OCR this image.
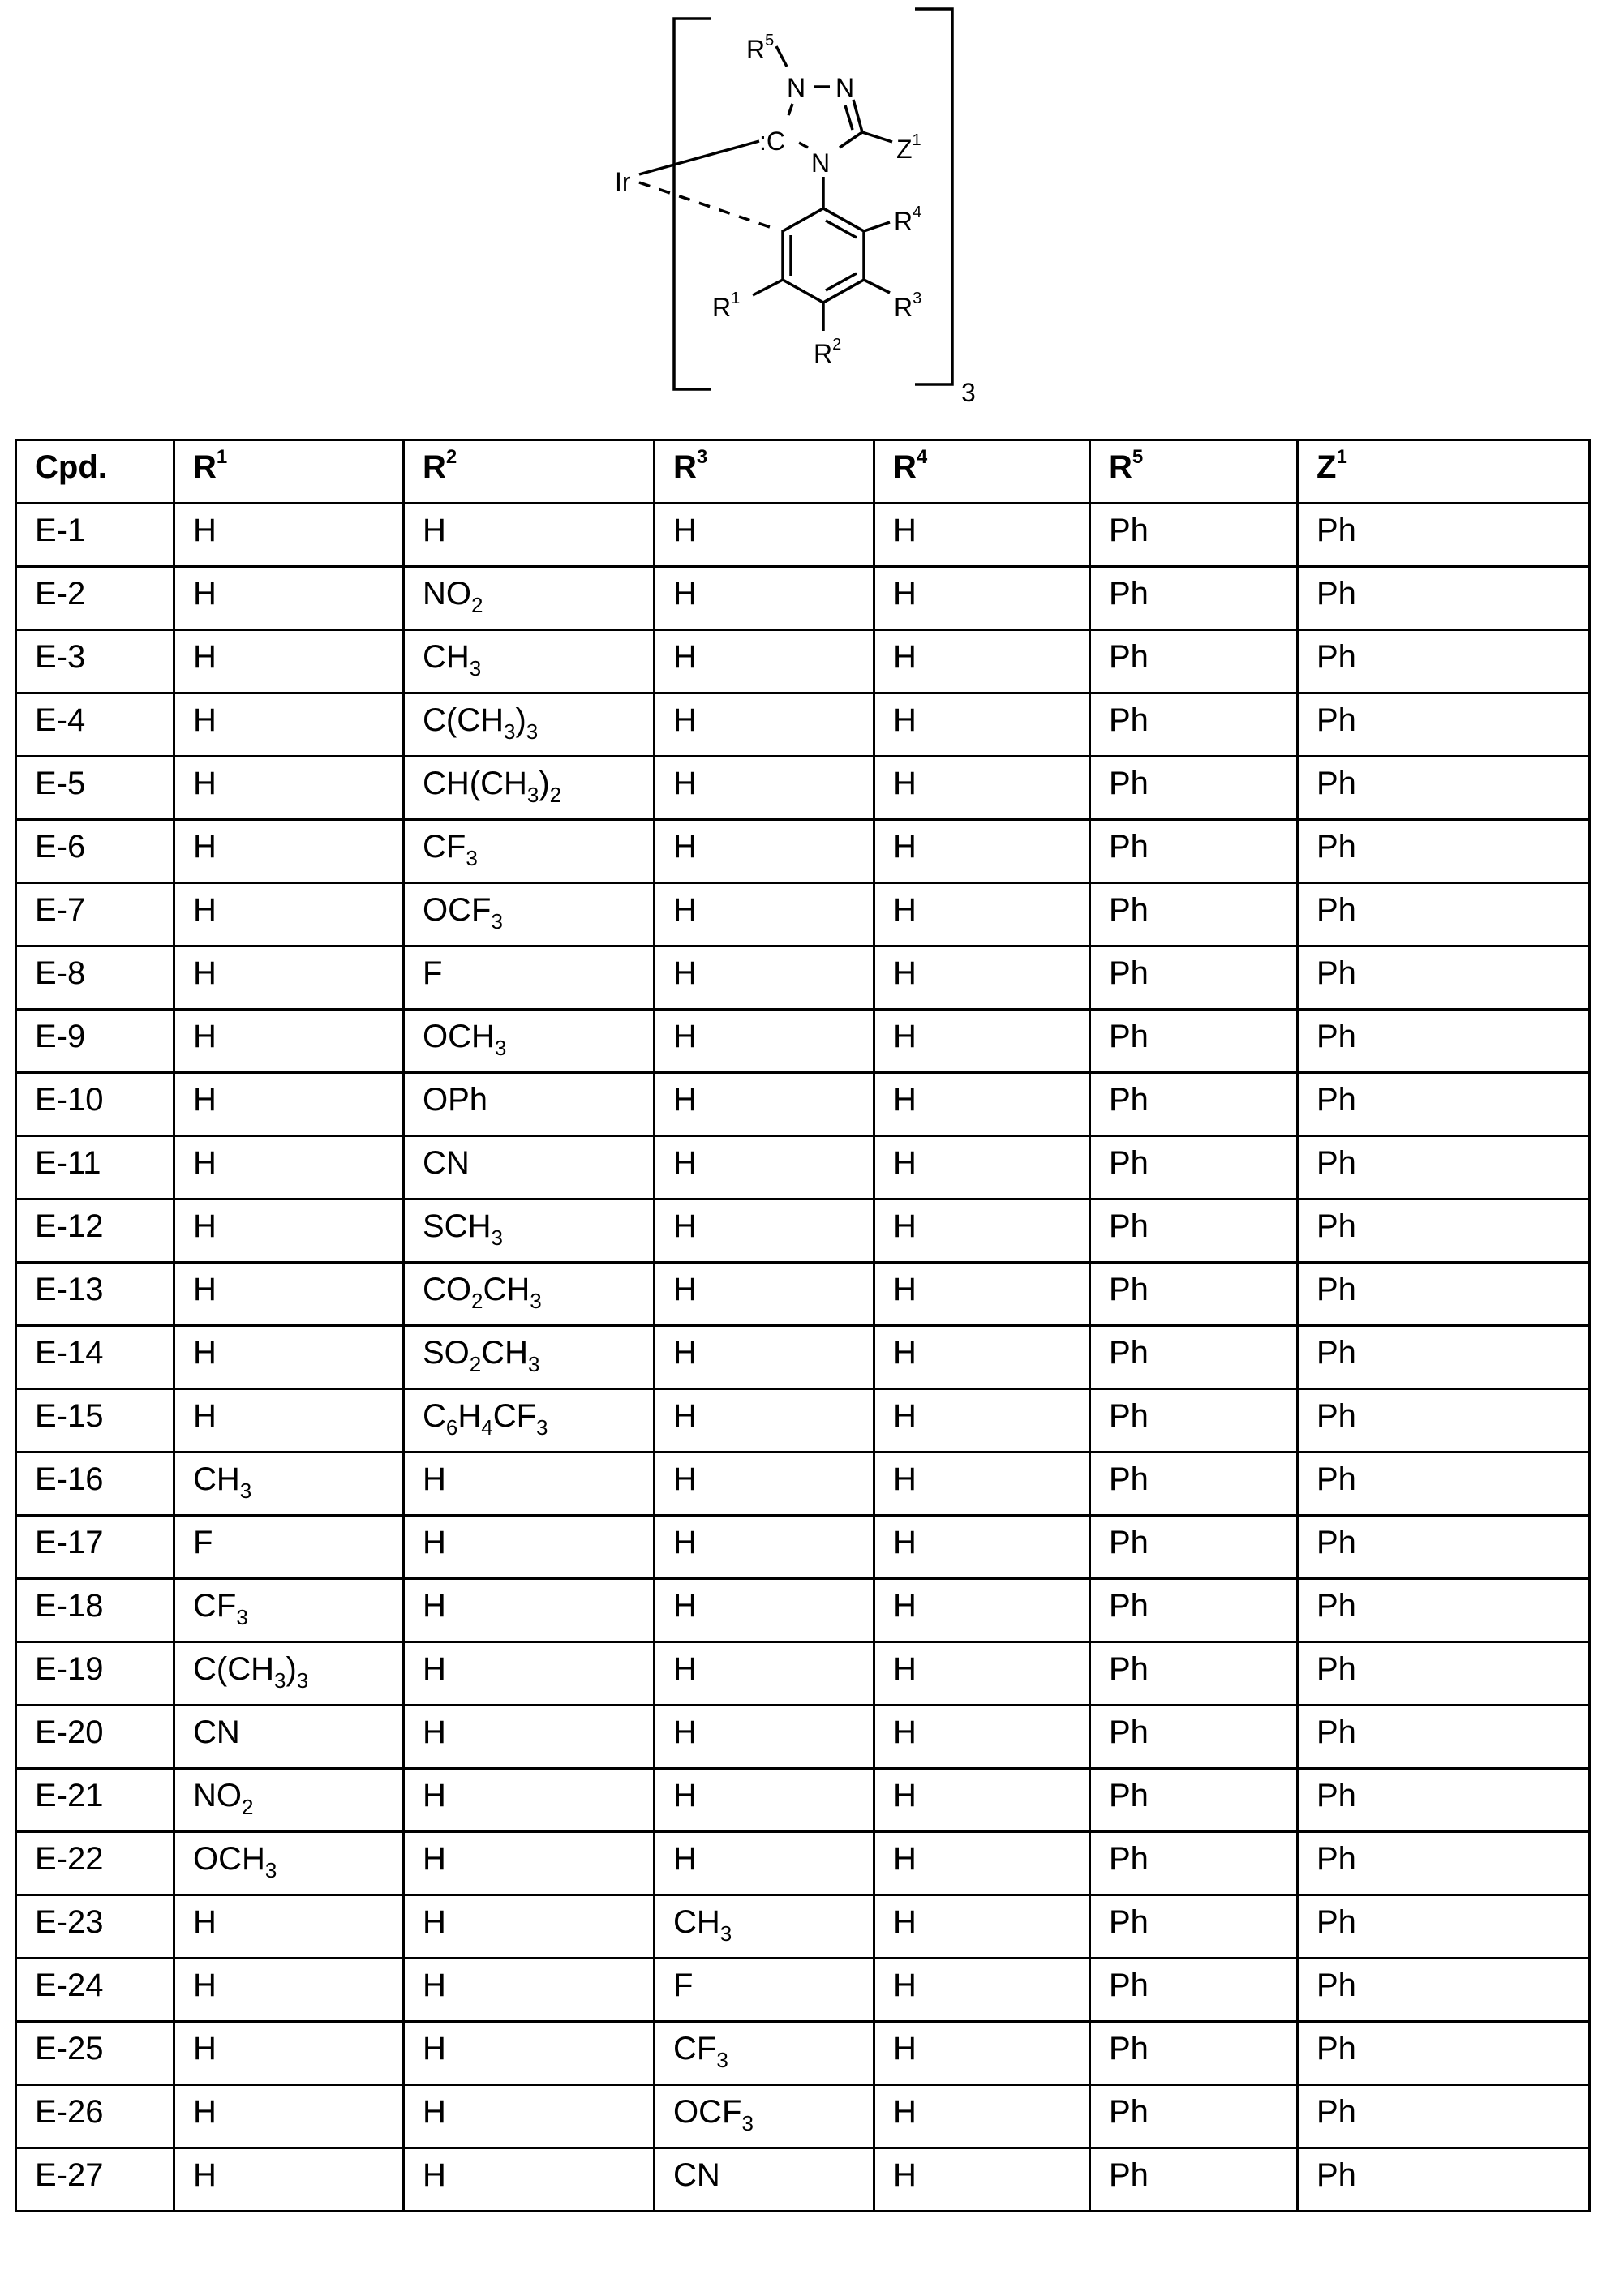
$R^5$
N N
:C
N	$Z^1$
Ir
$R^4$
$R^3$
$R^1$
$R^2$
3
Cpd.	$R^1$	$R^2$	$R^3$	$R^4$	$R^5$	$Z^1$
E-1	H	H	H	H	Ph	Ph
E-2	H	$NO_2$	H	H	Ph	Ph
E-3	H	$CH_3$	H	H	Ph	Ph
E-4	H	$C(CH_3)_3$	H	H	Ph	Ph
E-5	H	$CH(CH_3)_2$	H	H	Ph	Ph
E-6	H	$CF_3$	H	H	Ph	Ph
E-7	H	$OCF_3$	H	H	Ph	Ph
E-8	H	F	H	H	Ph	Ph
E-9	H	$OCH_3$	H	H	Ph	Ph
E-10	H	OPh	H	H	Ph	Ph
E-11	H	CN	H	H	Ph	Ph
E-12	H	$SCH_3$	H	H	Ph	Ph
E-13	H	$CO_2CH_3$	H	H	Ph	Ph
E-14	H	$SO_2CH_3$	H	H	Ph	Ph
E-15	H	$C_6H_4CF_3$	H	H	Ph	Ph
E-16	$CH_3$	H	H	H	Ph	Ph
E-17	F	H	H	H	Ph	Ph
E-18	$CF_3$	H	H	H	Ph	Ph
E-19	$C(CH_3)_3$	H	H	H	Ph	Ph
E-20	CN	H	H	H	Ph	Ph
E-21	$NO_2$	H	H	H	Ph	Ph
E-22	$OCH_3$	H	H	H	Ph	Ph
E-23	H	H	$CH_3$	H	Ph	Ph
E-24	H	H	F	H	Ph	Ph
E-25	H	H	$CF_3$	H	Ph	Ph
E-26	H	H	$OCF_3$	H	Ph	Ph
E-27	H	H	CN	H	Ph	Ph
